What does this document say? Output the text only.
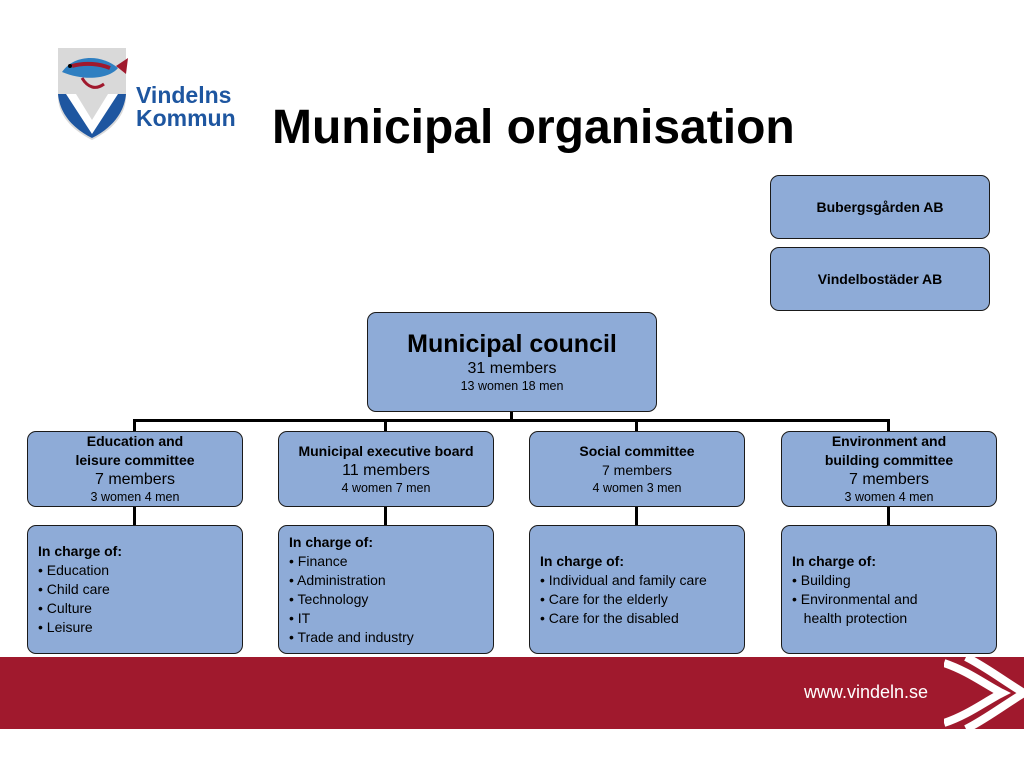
Vindelns
Kommun Municipal organisation
Bubergsgården AB
Vindelbostäder AB
Municipal council
31 members
13 women 18 men
Education and
leisure committee
7 members
3 women 4 men
Municipal executive board
11 members
4 women 7 men
Social committee
7 members
4 women 3 men
Environment and
building committee
7 members
3 women 4 men
In charge of:
• Education
• Child care
• Culture
• Leisure
In charge of:
• Finance
• Administration
• Technology
• IT
• Trade and industry
In charge of:
• Individual and family care
• Care for the elderly
• Care for the disabled
In charge of:
• Building
• Environmental and
health protection
www.vindeln.se
